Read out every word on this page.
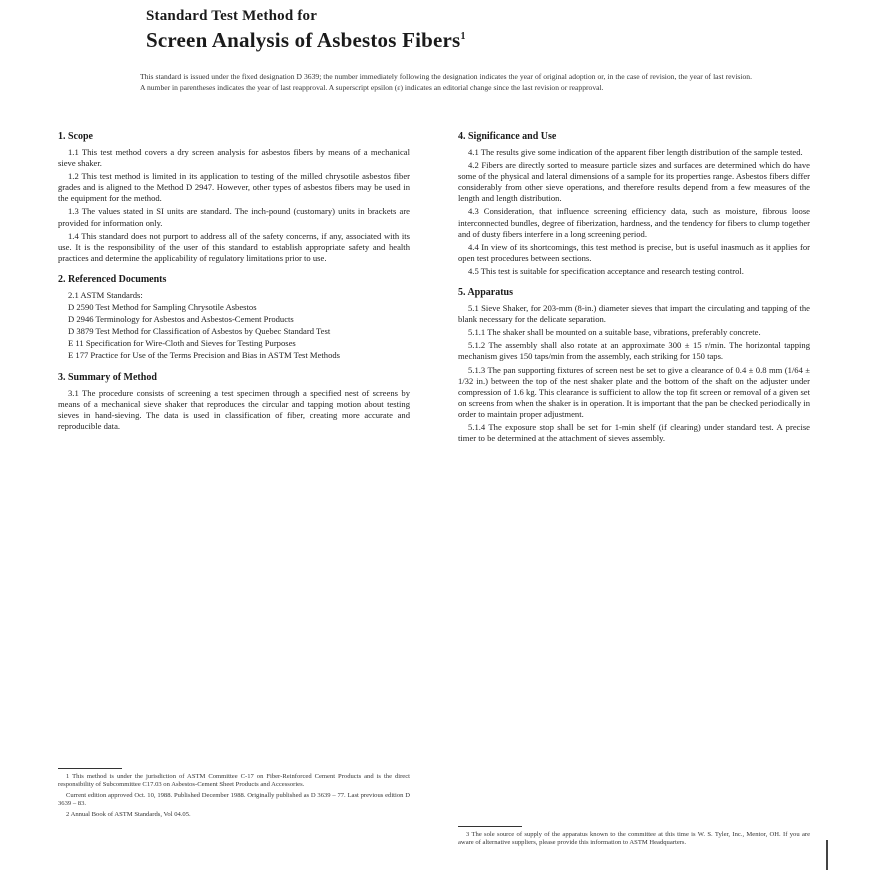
Standard Test Method for
Screen Analysis of Asbestos Fibers$^1$
This standard is issued under the fixed designation D 3639; the number immediately following the designation indicates the year of original adoption or, in the case of revision, the year of last revision. A number in parentheses indicates the year of last reapproval. A superscript epsilon (ε) indicates an editorial change since the last revision or reapproval.
1. Scope

1.1 This test method covers a dry screen analysis for asbestos fibers by means of a mechanical sieve shaker.

1.2 This test method is limited in its application to testing of the milled chrysotile asbestos fiber grades and is aligned to the Method D 2947. However, other types of asbestos fibers may be used in the equipment for the method.

1.3 The values stated in SI units are standard. The inch-pound (customary) units in brackets are provided for information only.

1.4 This standard does not purport to address all of the safety concerns, if any, associated with its use. It is the responsibility of the user of this standard to establish appropriate safety and health practices and determine the applicability of regulatory limitations prior to use.

2. Referenced Documents
2.1 ASTM Standards:
D 2590 Test Method for Sampling Chrysotile Asbestos
D 2946 Terminology for Asbestos and Asbestos-Cement Products
D 3879 Test Method for Classification of Asbestos by Quebec Standard Test
E 11 Specification for Wire-Cloth and Sieves for Testing Purposes
E 177 Practice for Use of the Terms Precision and Bias in ASTM Test Methods
3. Summary of Method

3.1 The procedure consists of screening a test specimen through a specified nest of screens by means of a mechanical sieve shaker that reproduces the circular and tapping motion about testing sieves in hand-sieving. The data is used in classification of fiber, creating more accurate and reproducible data.

4. Significance and Use

4.1 The results give some indication of the apparent fiber length distribution of the sample tested.

4.2 Fibers are directly sorted to measure particle sizes and surfaces are determined which do have some of the physical and lateral dimensions of a sample for its properties range. Asbestos fibers differ considerably from other sieve operations, and therefore results depend from a few measures of the length and length distribution.

4.3 Consideration, that influence screening efficiency data, such as moisture, fibrous loose interconnected bundles, degree of fiberization, hardness, and the tendency for fibers to clump together and of dusty fibers interfere in a long screening period.

4.4 In view of its shortcomings, this test method is precise, but is useful inasmuch as it applies for open test procedures between sections.

4.5 This test is suitable for specification acceptance and research testing control.

5. Apparatus

5.1 Sieve Shaker, for 203-mm (8-in.) diameter sieves that impart the circulating and tapping of the blank necessary for the delicate separation.

5.1.1 The shaker shall be mounted on a suitable base, vibrations, preferably concrete.

5.1.2 The assembly shall also rotate at an approximate 300 ± 15 r/min. The horizontal tapping mechanism gives 150 taps/min from the assembly, each striking for 150 taps.

5.1.3 The pan supporting fixtures of screen nest be set to give a clearance of 0.4 ± 0.8 mm (1/64 ± 1/32 in.) between the top of the nest shaker plate and the bottom of the shaft on the adjuster under compression of 1.6 kg. This clearance is sufficient to allow the top fit screen or removal of a given set on screens from when the shaker is in operation. It is important that the pan be checked periodically in order to maintain proper adjustment.

5.1.4 The exposure stop shall be set for 1-min shelf (if clearing) under standard test. A precise timer to be determined at the attachment of sieves assembly.

1 This method is under the jurisdiction of ASTM Committee C-17 on Fiber-Reinforced Cement Products and is the direct responsibility of Subcommittee C17.03 on Asbestos-Cement Sheet Products and Accessories.

Current edition approved Oct. 10, 1988. Published December 1988. Originally published as D 3639 – 77. Last previous edition D 3639 – 83.

2 Annual Book of ASTM Standards, Vol 04.05.

3 The sole source of supply of the apparatus known to the committee at this time is W. S. Tyler, Inc., Mentor, OH. If you are aware of alternative suppliers, please provide this information to ASTM Headquarters.
